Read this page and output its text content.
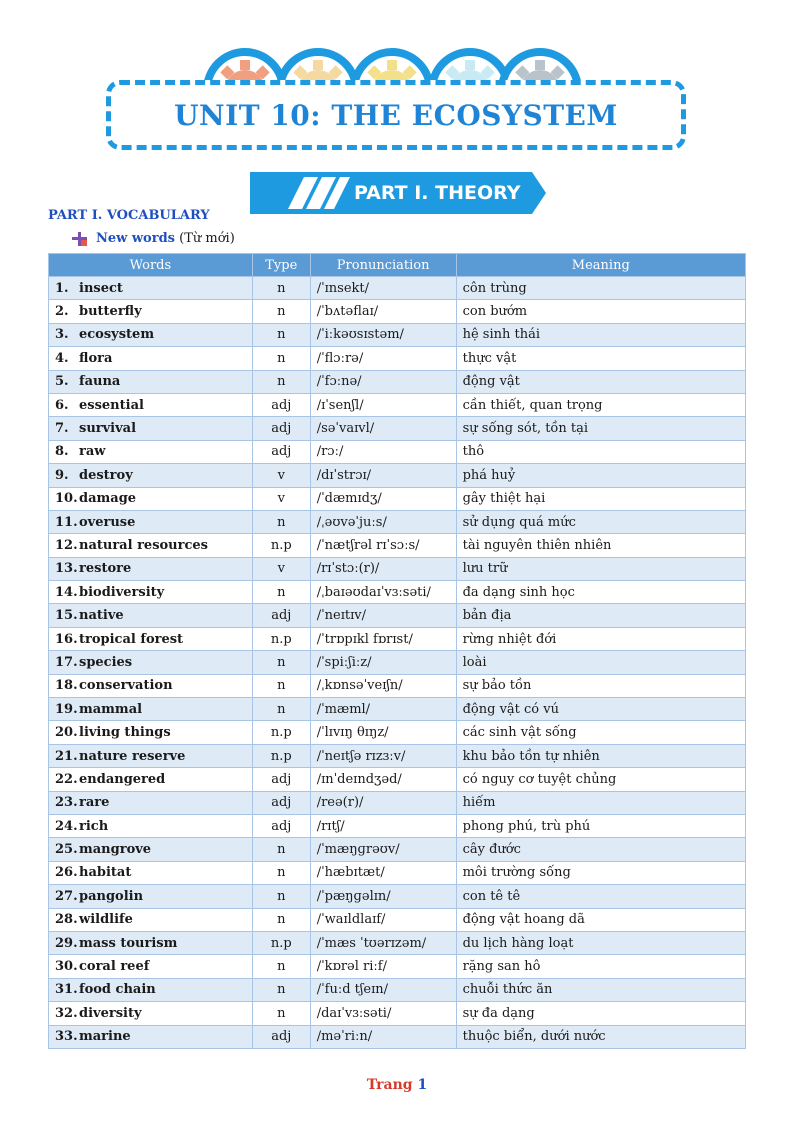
UNIT 10: THE ECOSYSTEM
PART I. THEORY
PART I. VOCABULARY
New words (Từ mới)
Words	Type	Pronunciation	Meaning
1. insect	n	/ˈɪnsekt/	côn trùng
2. butterfly	n	/ˈbʌtəflaɪ/	con bướm
3. ecosystem	n	/ˈiːkəʊsɪstəm/	hệ sinh thái
4. flora	n	/ˈflɔːrə/	thực vật
5. fauna	n	/ˈfɔːnə/	động vật
6. essential	adj	/ɪˈsenʃl/	cần thiết, quan trọng
7. survival	adj	/səˈvaɪvl/	sự sống sót, tồn tại
8. raw	adj	/rɔː/	thô
9. destroy	v	/dɪˈstrɔɪ/	phá huỷ
10.damage	v	/ˈdæmɪdʒ/	gây thiệt hại
11.overuse	n	/ˌəʊvəˈjuːs/	sử dụng quá mức
12.natural resources	n.p	/ˈnætʃrəl rɪˈsɔːs/	tài nguyên thiên nhiên
13.restore	v	/rɪˈstɔː(r)/	lưu trữ
14.biodiversity	n	/ˌbaɪəʊdaɪˈvɜːsəti/	đa dạng sinh học
15.native	adj	/ˈneɪtɪv/	bản địa
16.tropical forest	n.p	/ˈtrɒpɪkl fɒrɪst/	rừng nhiệt đới
17.species	n	/ˈspiːʃiːz/	loài
18.conservation	n	/ˌkɒnsəˈveɪʃn/	sự bảo tồn
19.mammal	n	/ˈmæml/	động vật có vú
20.living things	n.p	/ˈlɪvɪŋ θɪŋz/	các sinh vật sống
21.nature reserve	n.p	/ˈneɪtʃə rɪzɜːv/	khu bảo tồn tự nhiên
22.endangered	adj	/ɪnˈdeɪndʒəd/	có nguy cơ tuyệt chủng
23.rare	adj	/reə(r)/	hiếm
24.rich	adj	/rɪtʃ/	phong phú, trù phú
25.mangrove	n	/ˈmæŋɡrəʊv/	cây đước
26.habitat	n	/ˈhæbɪtæt/	môi trường sống
27.pangolin	n	/ˈpæŋɡəlɪn/	con tê tê
28.wildlife	n	/ˈwaɪldlaɪf/	động vật hoang dã
29.mass tourism	n.p	/ˈmæs ˈtʊərɪzəm/	du lịch hàng loạt
30.coral reef	n	/ˈkɒrəl riːf/	rặng san hô
31.food chain	n	/ˈfuːd tʃeɪn/	chuỗi thức ăn
32.diversity	n	/daɪˈvɜːsəti/	sự đa dạng
33.marine	adj	/məˈriːn/	thuộc biển, dưới nước
Trang 1
